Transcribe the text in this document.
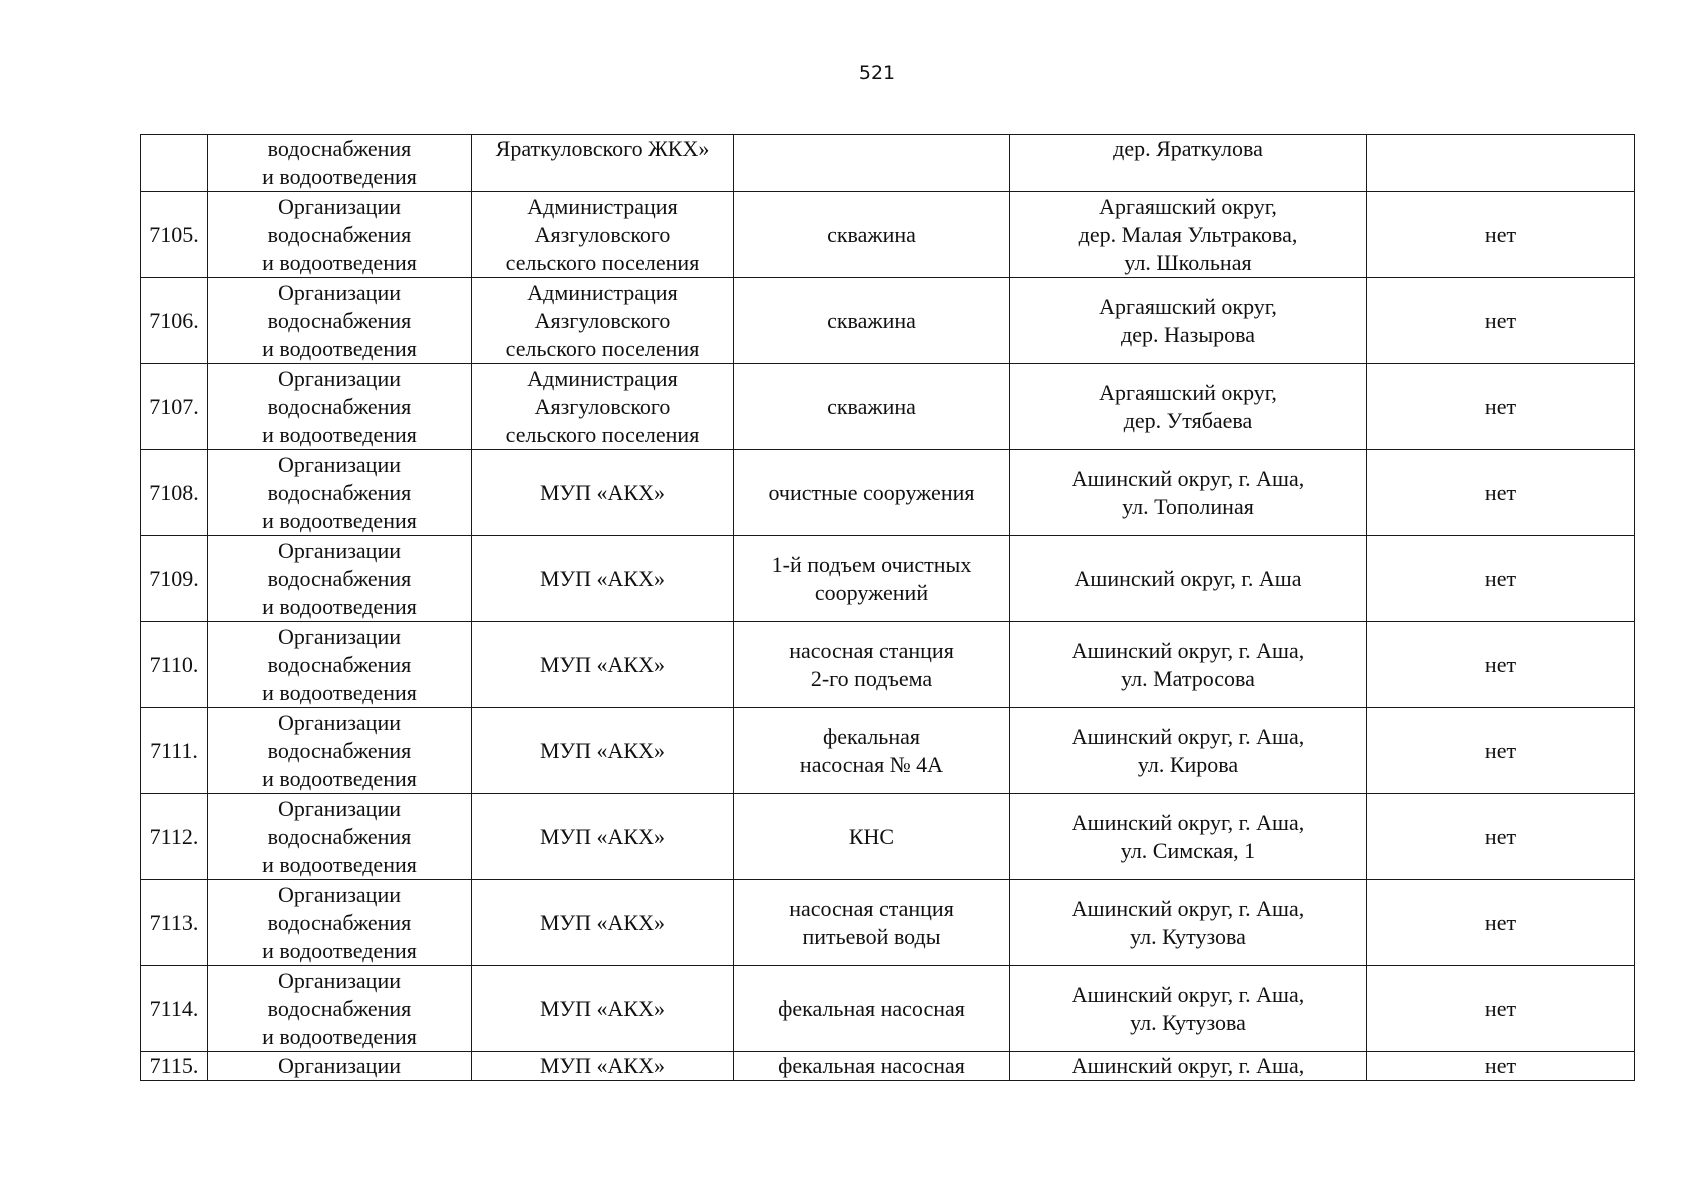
521
	водоснабжения
и водоотведения	Яраткуловского ЖКХ»		дер. Яраткулова	
7105.	Организации
водоснабжения
и водоотведения	Администрация
Аязгуловского
сельского поселения	скважина	Аргаяшский округ,
дер. Малая Ультракова,
ул. Школьная	нет
7106.	Организации
водоснабжения
и водоотведения	Администрация
Аязгуловского
сельского поселения	скважина	Аргаяшский округ,
дер. Назырова	нет
7107.	Организации
водоснабжения
и водоотведения	Администрация
Аязгуловского
сельского поселения	скважина	Аргаяшский округ,
дер. Утябаева	нет
7108.	Организации
водоснабжения
и водоотведения	МУП «АКХ»	очистные сооружения	Ашинский округ, г. Аша,
ул. Тополиная	нет
7109.	Организации
водоснабжения
и водоотведения	МУП «АКХ»	1-й подъем очистных
сооружений	Ашинский округ, г. Аша	нет
7110.	Организации
водоснабжения
и водоотведения	МУП «АКХ»	насосная станция
2-го подъема	Ашинский округ, г. Аша,
ул. Матросова	нет
7111.	Организации
водоснабжения
и водоотведения	МУП «АКХ»	фекальная
насосная № 4А	Ашинский округ, г. Аша,
ул. Кирова	нет
7112.	Организации
водоснабжения
и водоотведения	МУП «АКХ»	КНС	Ашинский округ, г. Аша,
ул. Симская, 1	нет
7113.	Организации
водоснабжения
и водоотведения	МУП «АКХ»	насосная станция
питьевой воды	Ашинский округ, г. Аша,
ул. Кутузова	нет
7114.	Организации
водоснабжения
и водоотведения	МУП «АКХ»	фекальная насосная	Ашинский округ, г. Аша,
ул. Кутузова	нет
7115.	Организации	МУП «АКХ»	фекальная насосная	Ашинский округ, г. Аша,	нет
